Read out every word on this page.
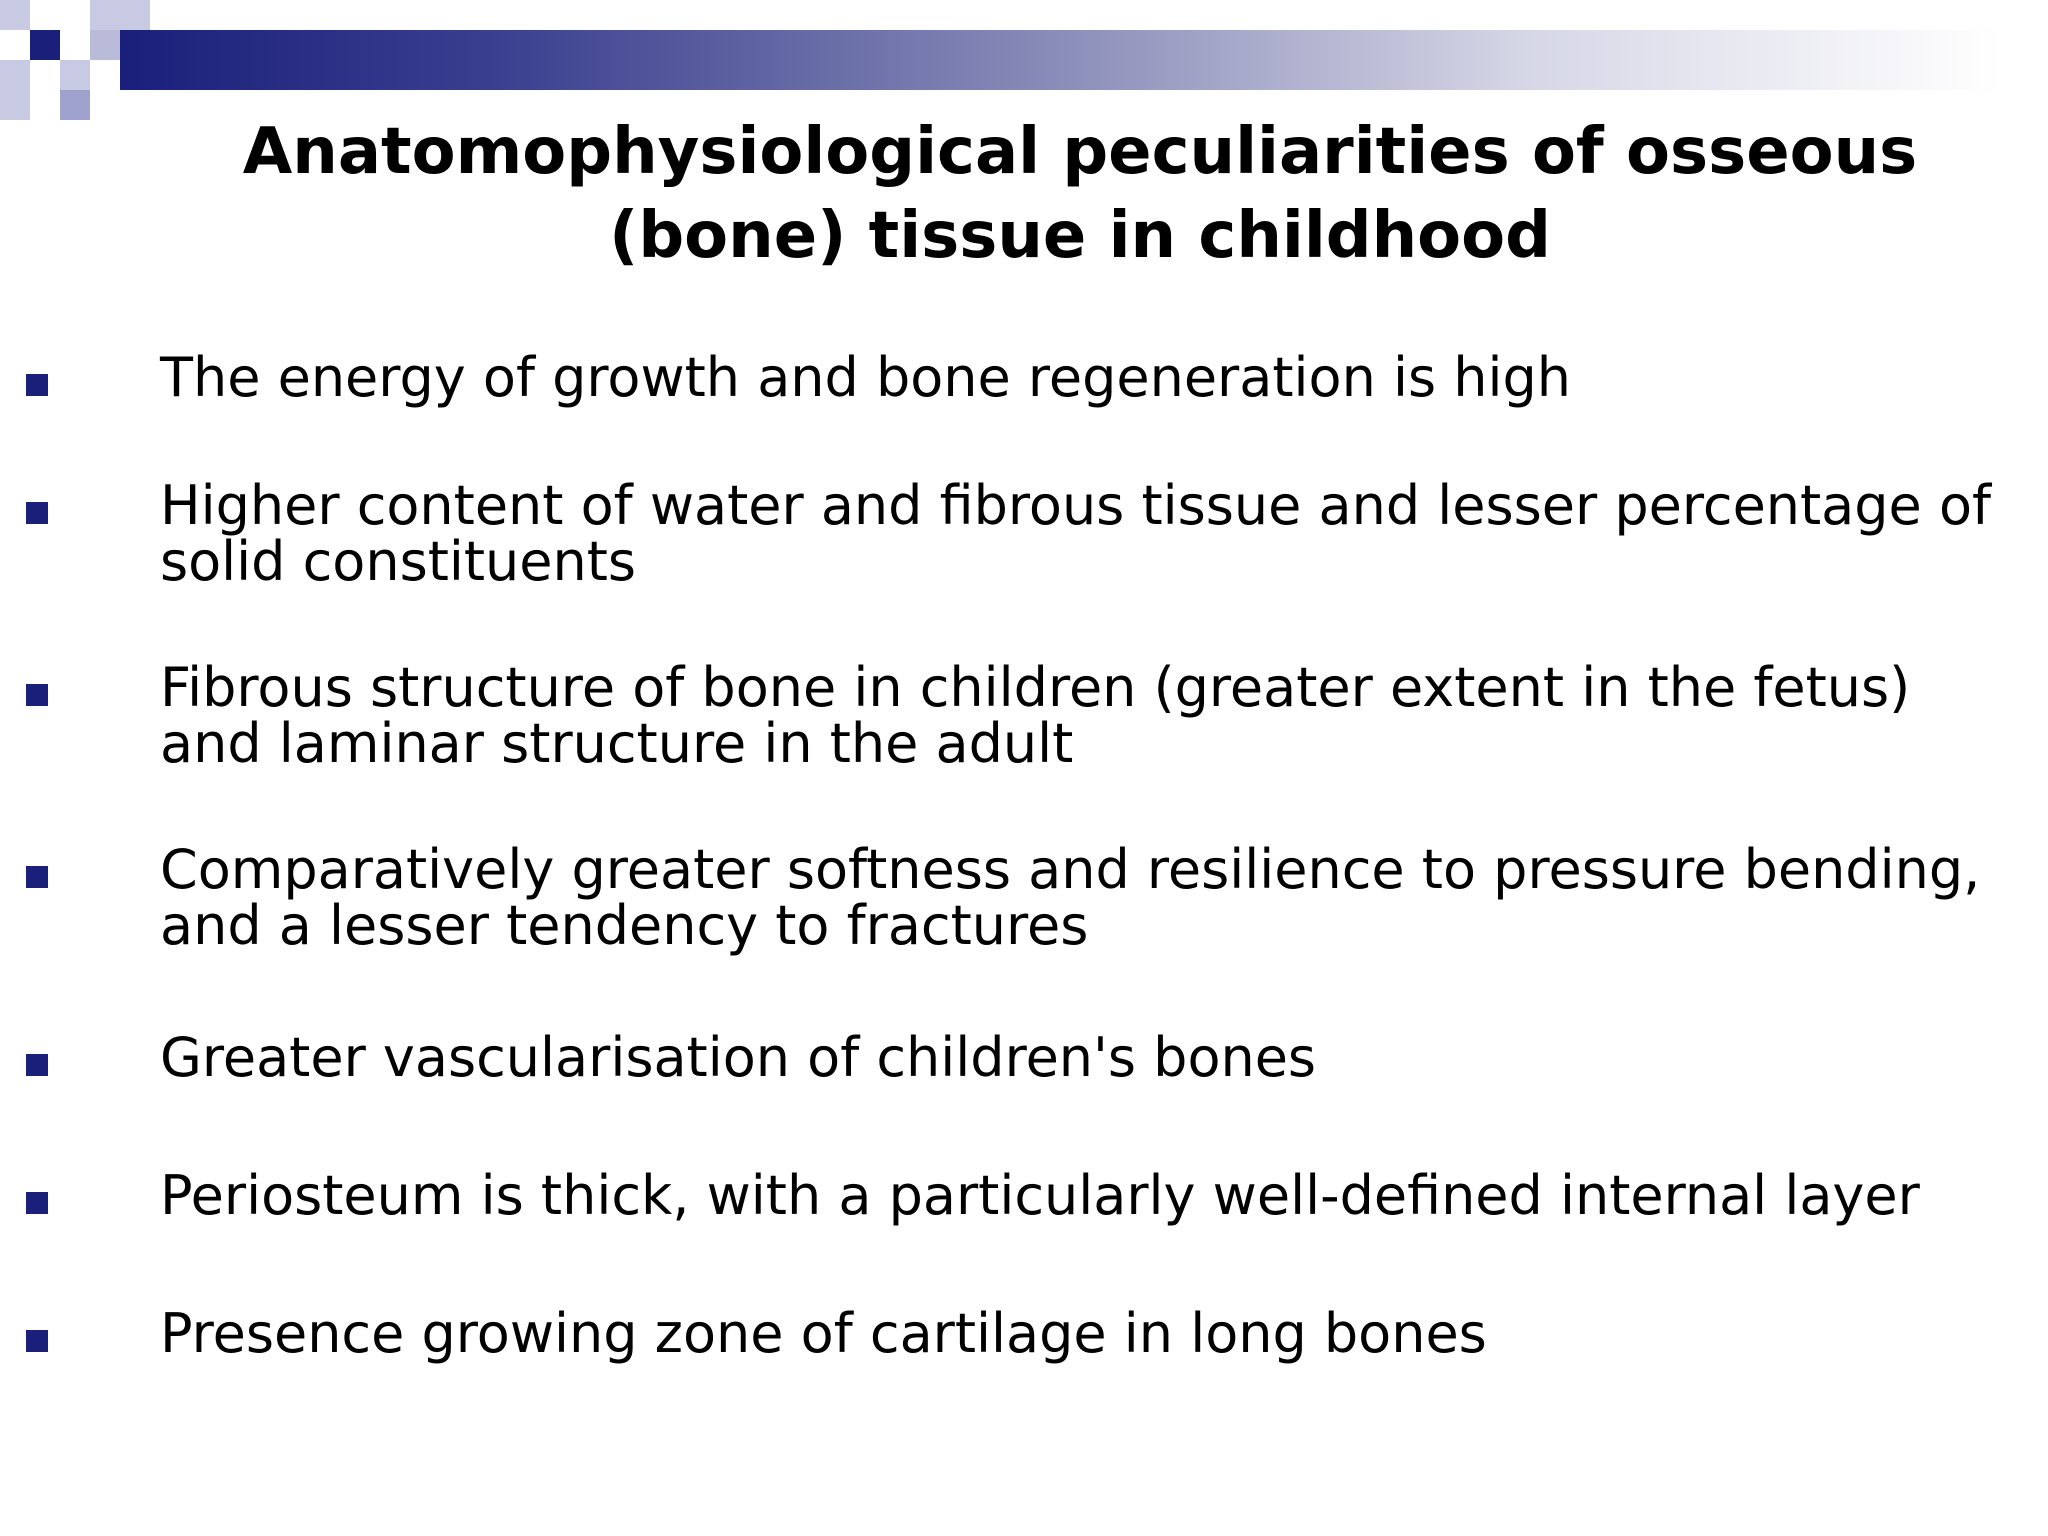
Anatomophysiological peculiarities of osseous (bone) tissue in childhood
The energy of growth and bone regeneration is high
Higher content of water and fibrous tissue and lesser percentage of solid constituents
Fibrous structure of bone in children (greater extent in the fetus) and laminar structure in the adult
Comparatively greater softness and resilience to pressure bending, and a lesser tendency to fractures
Greater vascularisation of children's bones
Periosteum is thick, with a particularly well-defined internal layer
Presence growing zone of cartilage in long bones
